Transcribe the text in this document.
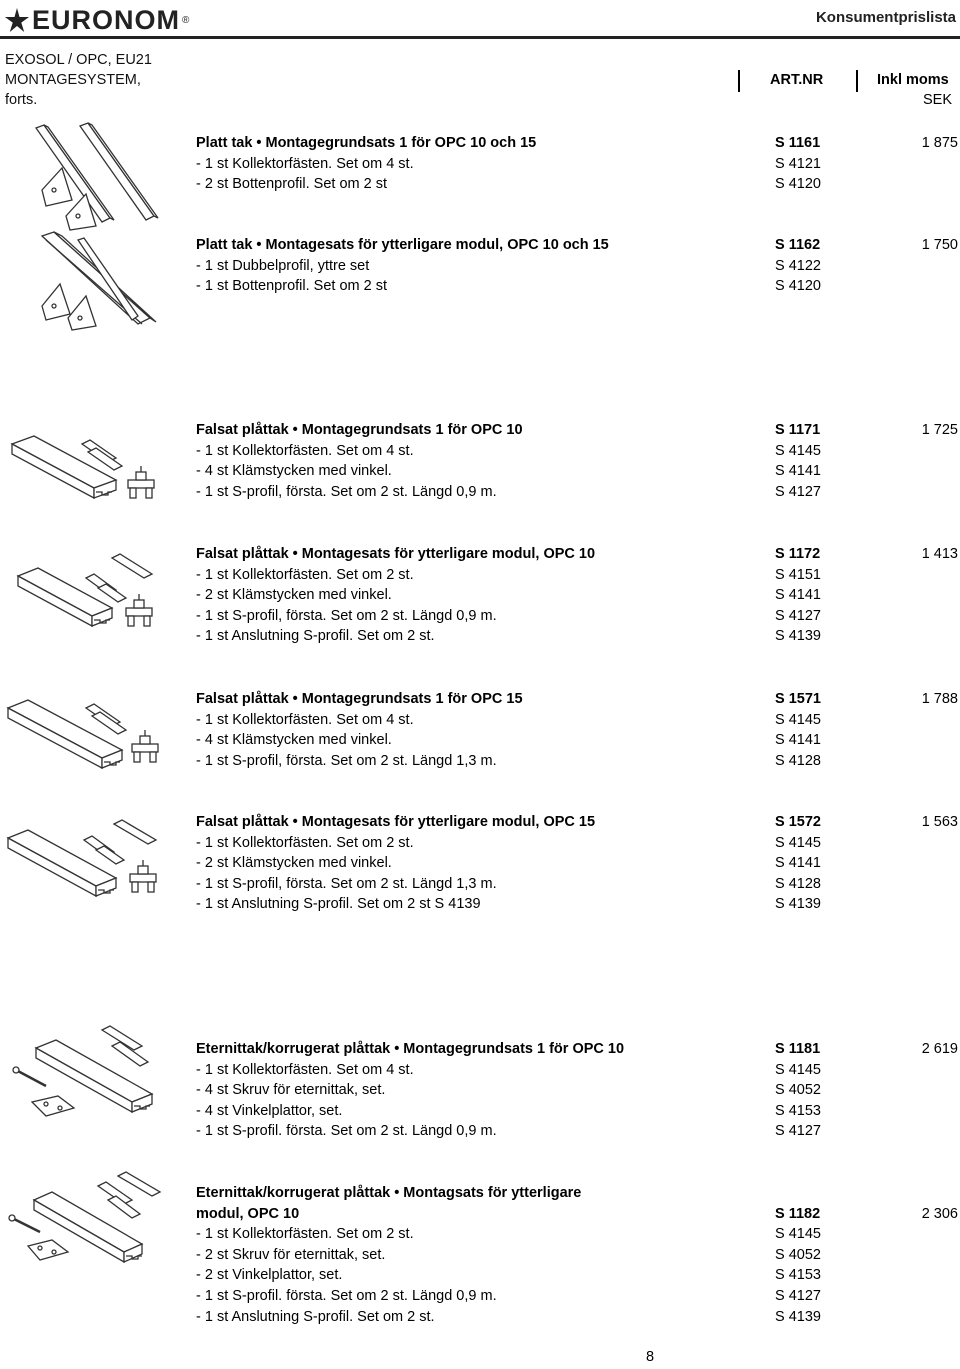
EURONOM ®	Konsumentprislista
EXOSOL / OPC, EU21
MONTAGESYSTEM,
forts.
ART.NR	Inkl moms
SEK
Platt tak • Montagegrundsats 1 för OPC 10 och 15	S 1161	1 875
- 1 st Kollektorfästen. Set om 4 st.	S 4121
- 2 st Bottenprofil. Set om 2 st	S 4120
Platt tak • Montagesats för ytterligare modul, OPC 10 och 15	S 1162	1 750
- 1 st Dubbelprofil, yttre set	S 4122
- 1 st Bottenprofil. Set om 2 st	S 4120
Falsat plåttak • Montagegrundsats 1 för OPC 10	S 1171	1 725
- 1 st Kollektorfästen. Set om 4 st.	S 4145
- 4 st Klämstycken med vinkel.	S 4141
- 1 st S-profil, första. Set om 2 st. Längd 0,9 m.	S 4127
Falsat plåttak • Montagesats för ytterligare modul, OPC 10	S 1172	1 413
- 1 st Kollektorfästen. Set om 2 st.	S 4151
- 2 st Klämstycken med vinkel.	S 4141
- 1 st S-profil, första. Set om 2 st. Längd 0,9 m.	S 4127
- 1 st Anslutning S-profil. Set om 2 st.	S 4139
Falsat plåttak • Montagegrundsats 1 för OPC 15	S 1571	1 788
- 1 st Kollektorfästen. Set om 4 st.	S 4145
- 4 st Klämstycken med vinkel.	S 4141
- 1 st S-profil, första. Set om 2 st. Längd 1,3 m.	S 4128
Falsat plåttak • Montagesats för ytterligare modul, OPC 15	S 1572	1 563
- 1 st Kollektorfästen. Set om 2 st.	S 4145
- 2 st Klämstycken med vinkel.	S 4141
- 1 st S-profil, första. Set om 2 st. Längd 1,3 m.	S 4128
- 1 st Anslutning S-profil. Set om 2 st S 4139	S 4139
Eternittak/korrugerat plåttak • Montagegrundsats 1 för OPC 10	S 1181	2 619
- 1 st Kollektorfästen. Set om 4 st.	S 4145
- 4 st Skruv för eternittak, set.	S 4052
- 4 st Vinkelplattor, set.	S 4153
- 1 st S-profil. första. Set om 2 st. Längd 0,9 m.	S 4127
Eternittak/korrugerat plåttak • Montagsats för ytterligare
modul, OPC 10	S 1182	2 306
- 1 st Kollektorfästen. Set om 2 st.	S 4145
- 2 st Skruv för eternittak, set.	S 4052
- 2 st Vinkelplattor, set.	S 4153
- 1 st S-profil. första. Set om 2 st. Längd 0,9 m.	S 4127
- 1 st Anslutning S-profil. Set om 2 st.	S 4139
8
